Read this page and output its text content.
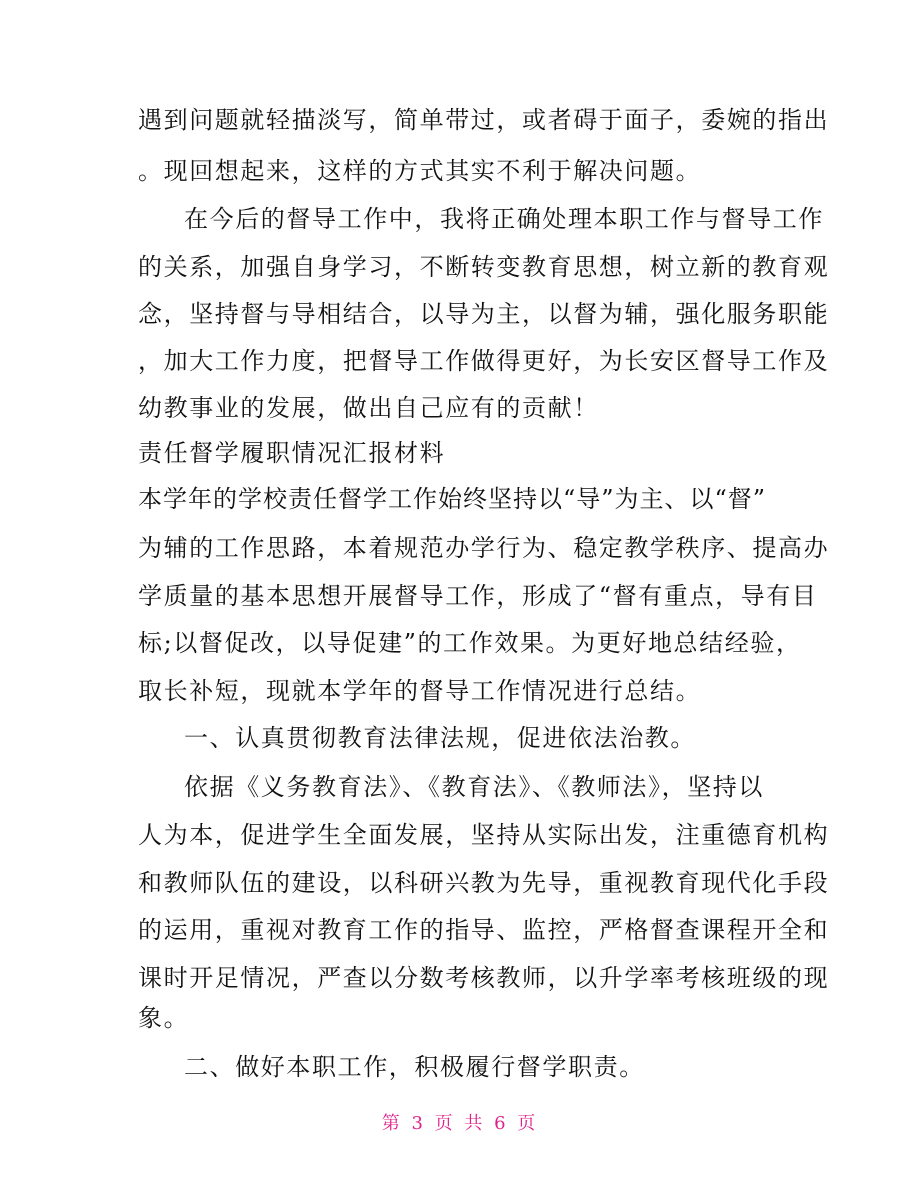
遇到问题就轻描淡写，简单带过，或者碍于面子，委婉的指出
。现回想起来，这样的方式其实不利于解决问题。
在今后的督导工作中，我将正确处理本职工作与督导工作
的关系，加强自身学习，不断转变教育思想，树立新的教育观
念，坚持督与导相结合，以导为主，以督为辅，强化服务职能
，加大工作力度，把督导工作做得更好，为长安区督导工作及
幼教事业的发展，做出自己应有的贡献！
责任督学履职情况汇报材料
本学年的学校责任督学工作始终坚持以“导”为主、以“督”
为辅的工作思路，本着规范办学行为、稳定教学秩序、提高办
学质量的基本思想开展督导工作，形成了“督有重点，导有目
标;以督促改，以导促建”的工作效果。为更好地总结经验，
取长补短，现就本学年的督导工作情况进行总结。
一、认真贯彻教育法律法规，促进依法治教。
依据《义务教育法》、《教育法》、《教师法》，坚持以
人为本，促进学生全面发展，坚持从实际出发，注重德育机构
和教师队伍的建设，以科研兴教为先导，重视教育现代化手段
的运用，重视对教育工作的指导、监控，严格督查课程开全和
课时开足情况，严查以分数考核教师，以升学率考核班级的现
象。
二、做好本职工作，积极履行督学职责。
第 3 页 共 6 页
